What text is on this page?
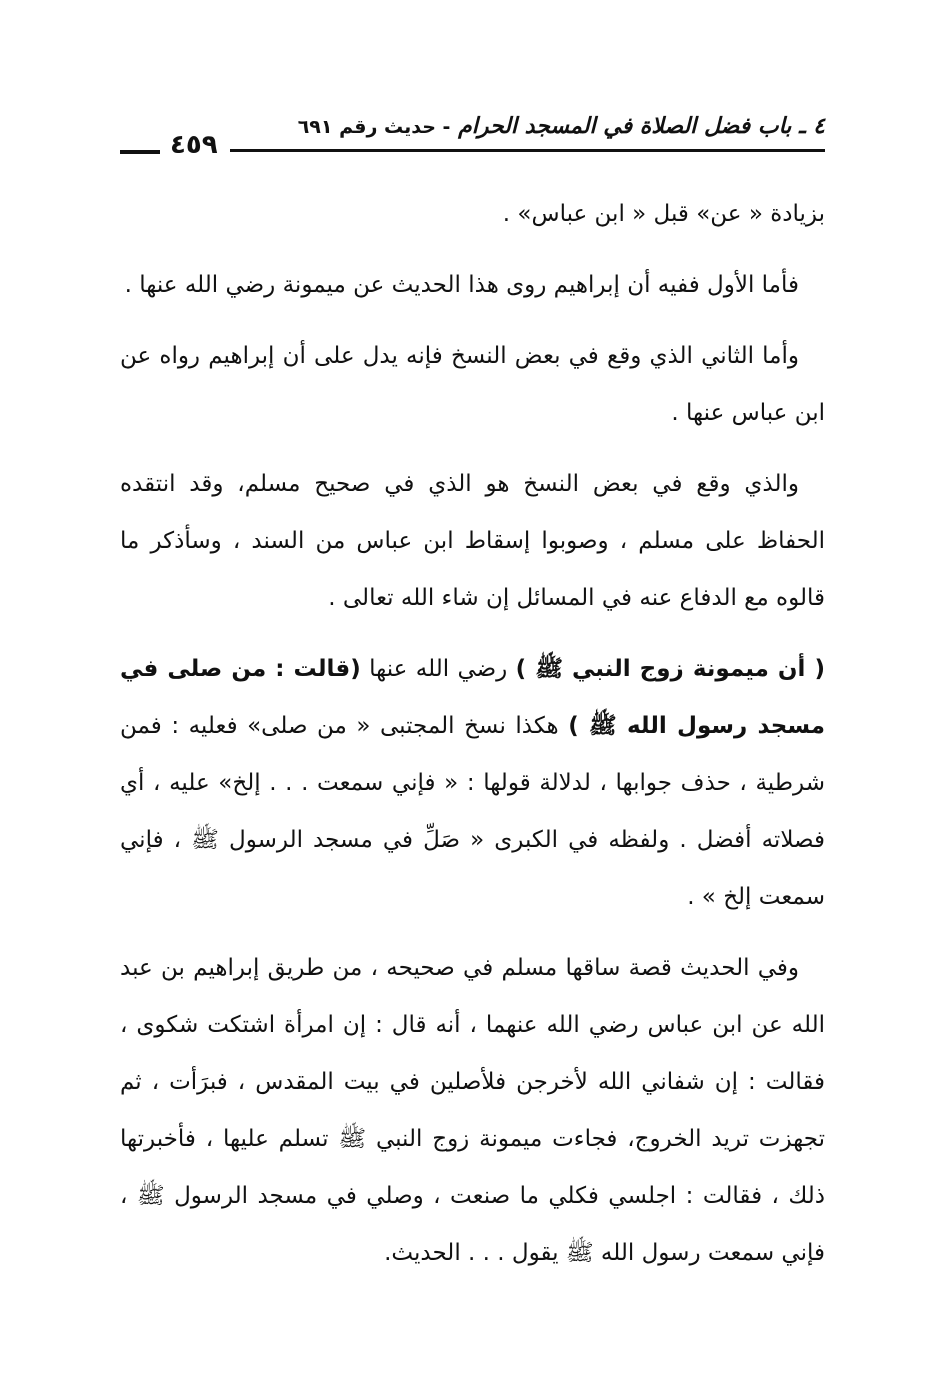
٤ ـ باب فضل الصلاة في المسجد الحرام - حديث رقم ٦٩١
٤٥٩

بزيادة « عن» قبل « ابن عباس» .

فأما الأول ففيه أن إبراهيم روى هذا الحديث عن ميمونة رضي الله عنها .

وأما الثاني الذي وقع في بعض النسخ فإنه يدل على أن إبراهيم رواه عن ابن عباس عنها .

والذي وقع في بعض النسخ هو الذي في صحيح مسلم، وقد انتقده الحفاظ على مسلم ، وصوبوا إسقاط ابن عباس من السند ، وسأذكر ما قالوه مع الدفاع عنه في المسائل إن شاء الله تعالى .

( أن ميمونة زوج النبي ﷺ ) رضي الله عنها (قالت : من صلى في مسجد رسول الله ﷺ ) هكذا نسخ المجتبى « من صلى» فعليه : فمن شرطية ، حذف جوابها ، لدلالة قولها : « فإني سمعت . . . إلخ» عليه ، أي فصلاته أفضل . ولفظه في الكبرى « صَلِّ في مسجد الرسول ﷺ ، فإني سمعت إلخ » .

وفي الحديث قصة ساقها مسلم في صحيحه ، من طريق إبراهيم بن عبد الله عن ابن عباس رضي الله عنهما ، أنه قال : إن امرأة اشتكت شكوى ، فقالت : إن شفاني الله لأخرجن فلأصلين في بيت المقدس ، فبرَأت ، ثم تجهزت تريد الخروج، فجاءت ميمونة زوج النبي ﷺ تسلم عليها ، فأخبرتها ذلك ، فقالت : اجلسي فكلي ما صنعت ، وصلي في مسجد الرسول ﷺ ، فإني سمعت رسول الله ﷺ يقول . . . الحديث.
